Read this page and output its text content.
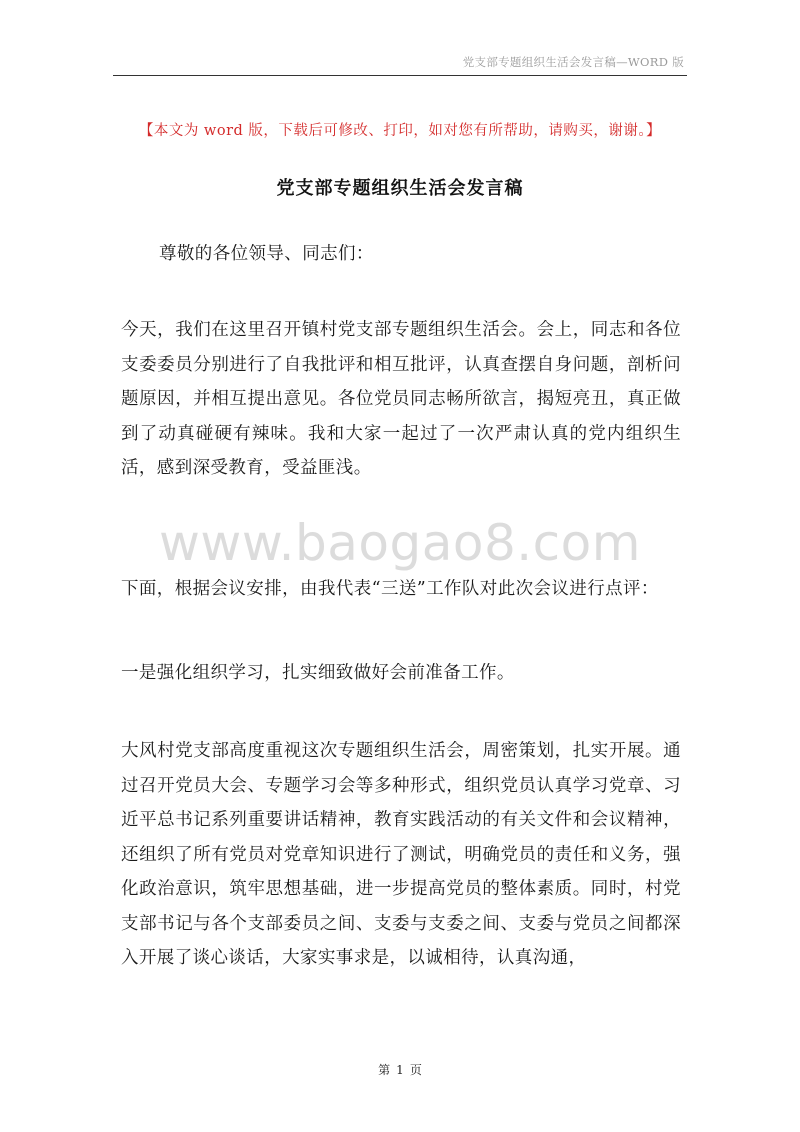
党支部专题组织生活会发言稿—WORD 版
【本文为 word 版，下载后可修改、打印，如对您有所帮助，请购买，谢谢。】
党支部专题组织生活会发言稿
尊敬的各位领导、同志们：
今天，我们在这里召开镇村党支部专题组织生活会。会上，同志和各位支委委员分别进行了自我批评和相互批评，认真查摆自身问题，剖析问题原因，并相互提出意见。各位党员同志畅所欲言，揭短亮丑，真正做到了动真碰硬有辣味。我和大家一起过了一次严肃认真的党内组织生活，感到深受教育，受益匪浅。
www.baogao8.com
下面，根据会议安排，由我代表“三送”工作队对此次会议进行点评：
一是强化组织学习，扎实细致做好会前准备工作。
大风村党支部高度重视这次专题组织生活会，周密策划，扎实开展。通过召开党员大会、专题学习会等多种形式，组织党员认真学习党章、习近平总书记系列重要讲话精神，教育实践活动的有关文件和会议精神，还组织了所有党员对党章知识进行了测试，明确党员的责任和义务，强化政治意识，筑牢思想基础，进一步提高党员的整体素质。同时，村党支部书记与各个支部委员之间、支委与支委之间、支委与党员之间都深入开展了谈心谈话，大家实事求是，以诚相待，认真沟通，
第 1 页
